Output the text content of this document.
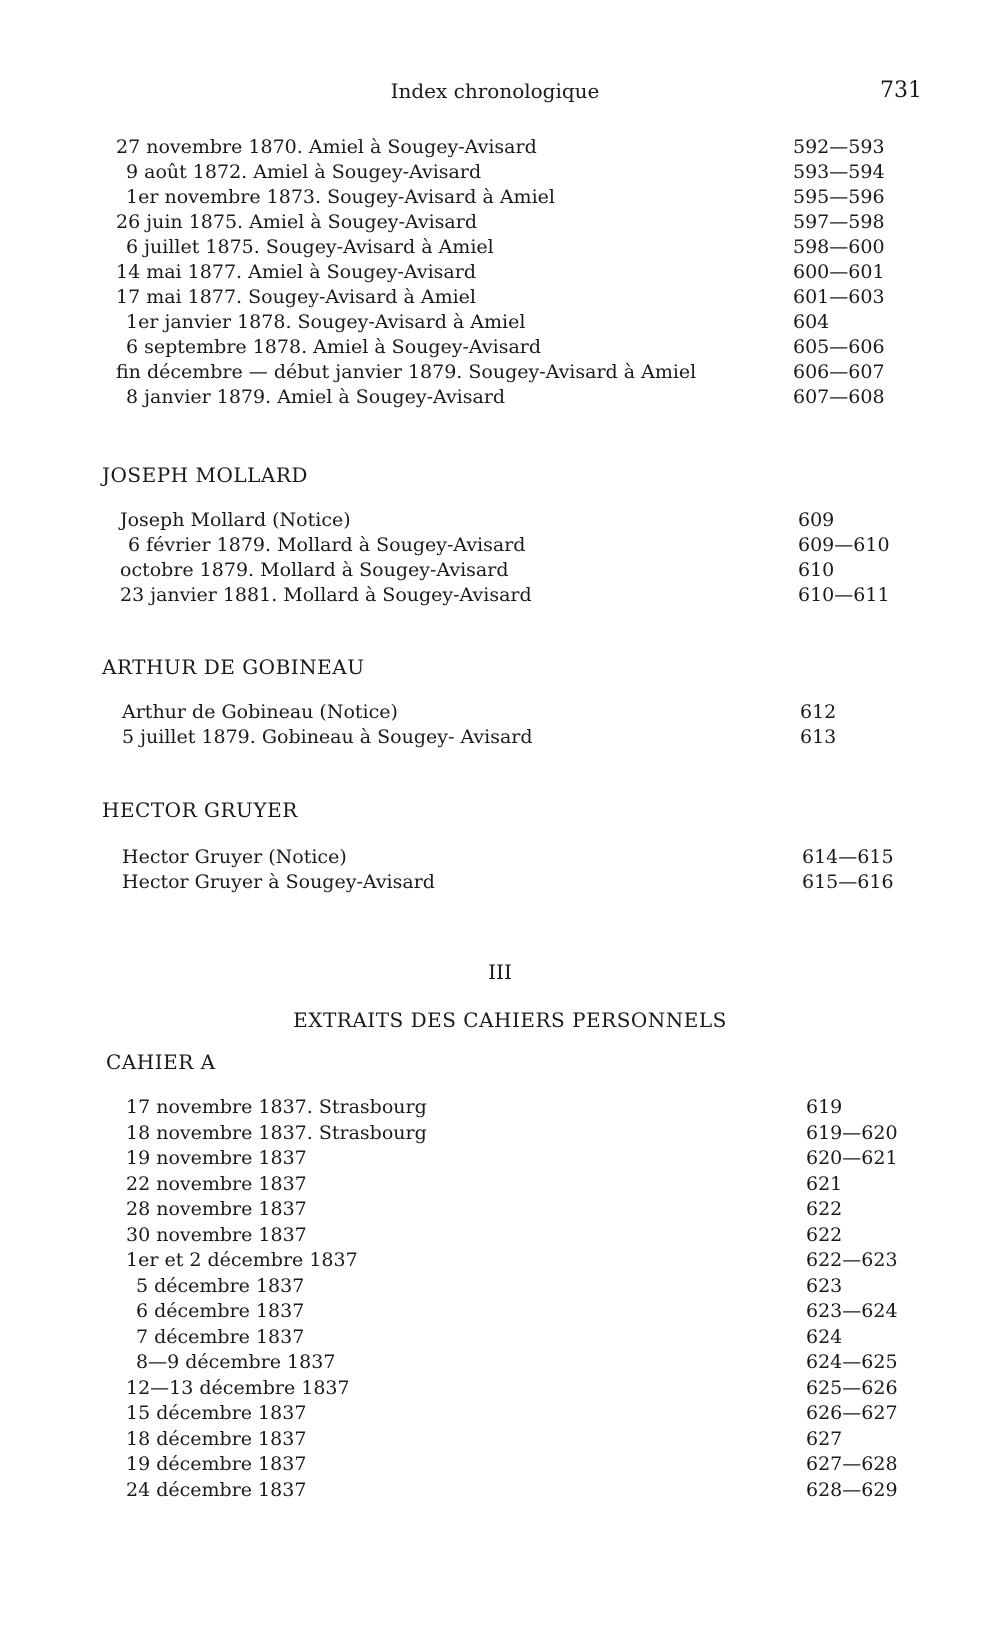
Index chronologique	731
27 novembre 1870. Amiel à Sougey-Avisard	592—593
9 août 1872. Amiel à Sougey-Avisard	593—594
1er novembre 1873. Sougey-Avisard à Amiel	595—596
26 juin 1875. Amiel à Sougey-Avisard	597—598
6 juillet 1875. Sougey-Avisard à Amiel	598—600
14 mai 1877. Amiel à Sougey-Avisard	600—601
17 mai 1877. Sougey-Avisard à Amiel	601—603
1er janvier 1878. Sougey-Avisard à Amiel	604
6 septembre 1878. Amiel à Sougey-Avisard	605—606
fin décembre — début janvier 1879. Sougey-Avisard à Amiel	606—607
8 janvier 1879. Amiel à Sougey-Avisard	607—608
JOSEPH MOLLARD
Joseph Mollard (Notice)	609
6 février 1879. Mollard à Sougey-Avisard	609—610
octobre 1879. Mollard à Sougey-Avisard	610
23 janvier 1881. Mollard à Sougey-Avisard	610—611
ARTHUR DE GOBINEAU
Arthur de Gobineau (Notice)	612
5 juillet 1879. Gobineau à Sougey- Avisard	613
HECTOR GRUYER
Hector Gruyer (Notice)	614—615
Hector Gruyer à Sougey-Avisard	615—616
III
EXTRAITS DES CAHIERS PERSONNELS
CAHIER A
17 novembre 1837. Strasbourg	619
18 novembre 1837. Strasbourg	619—620
19 novembre 1837	620—621
22 novembre 1837	621
28 novembre 1837	622
30 novembre 1837	622
1er et 2 décembre 1837	622—623
5 décembre 1837	623
6 décembre 1837	623—624
7 décembre 1837	624
8—9 décembre 1837	624—625
12—13 décembre 1837	625—626
15 décembre 1837	626—627
18 décembre 1837	627
19 décembre 1837	627—628
24 décembre 1837	628—629
